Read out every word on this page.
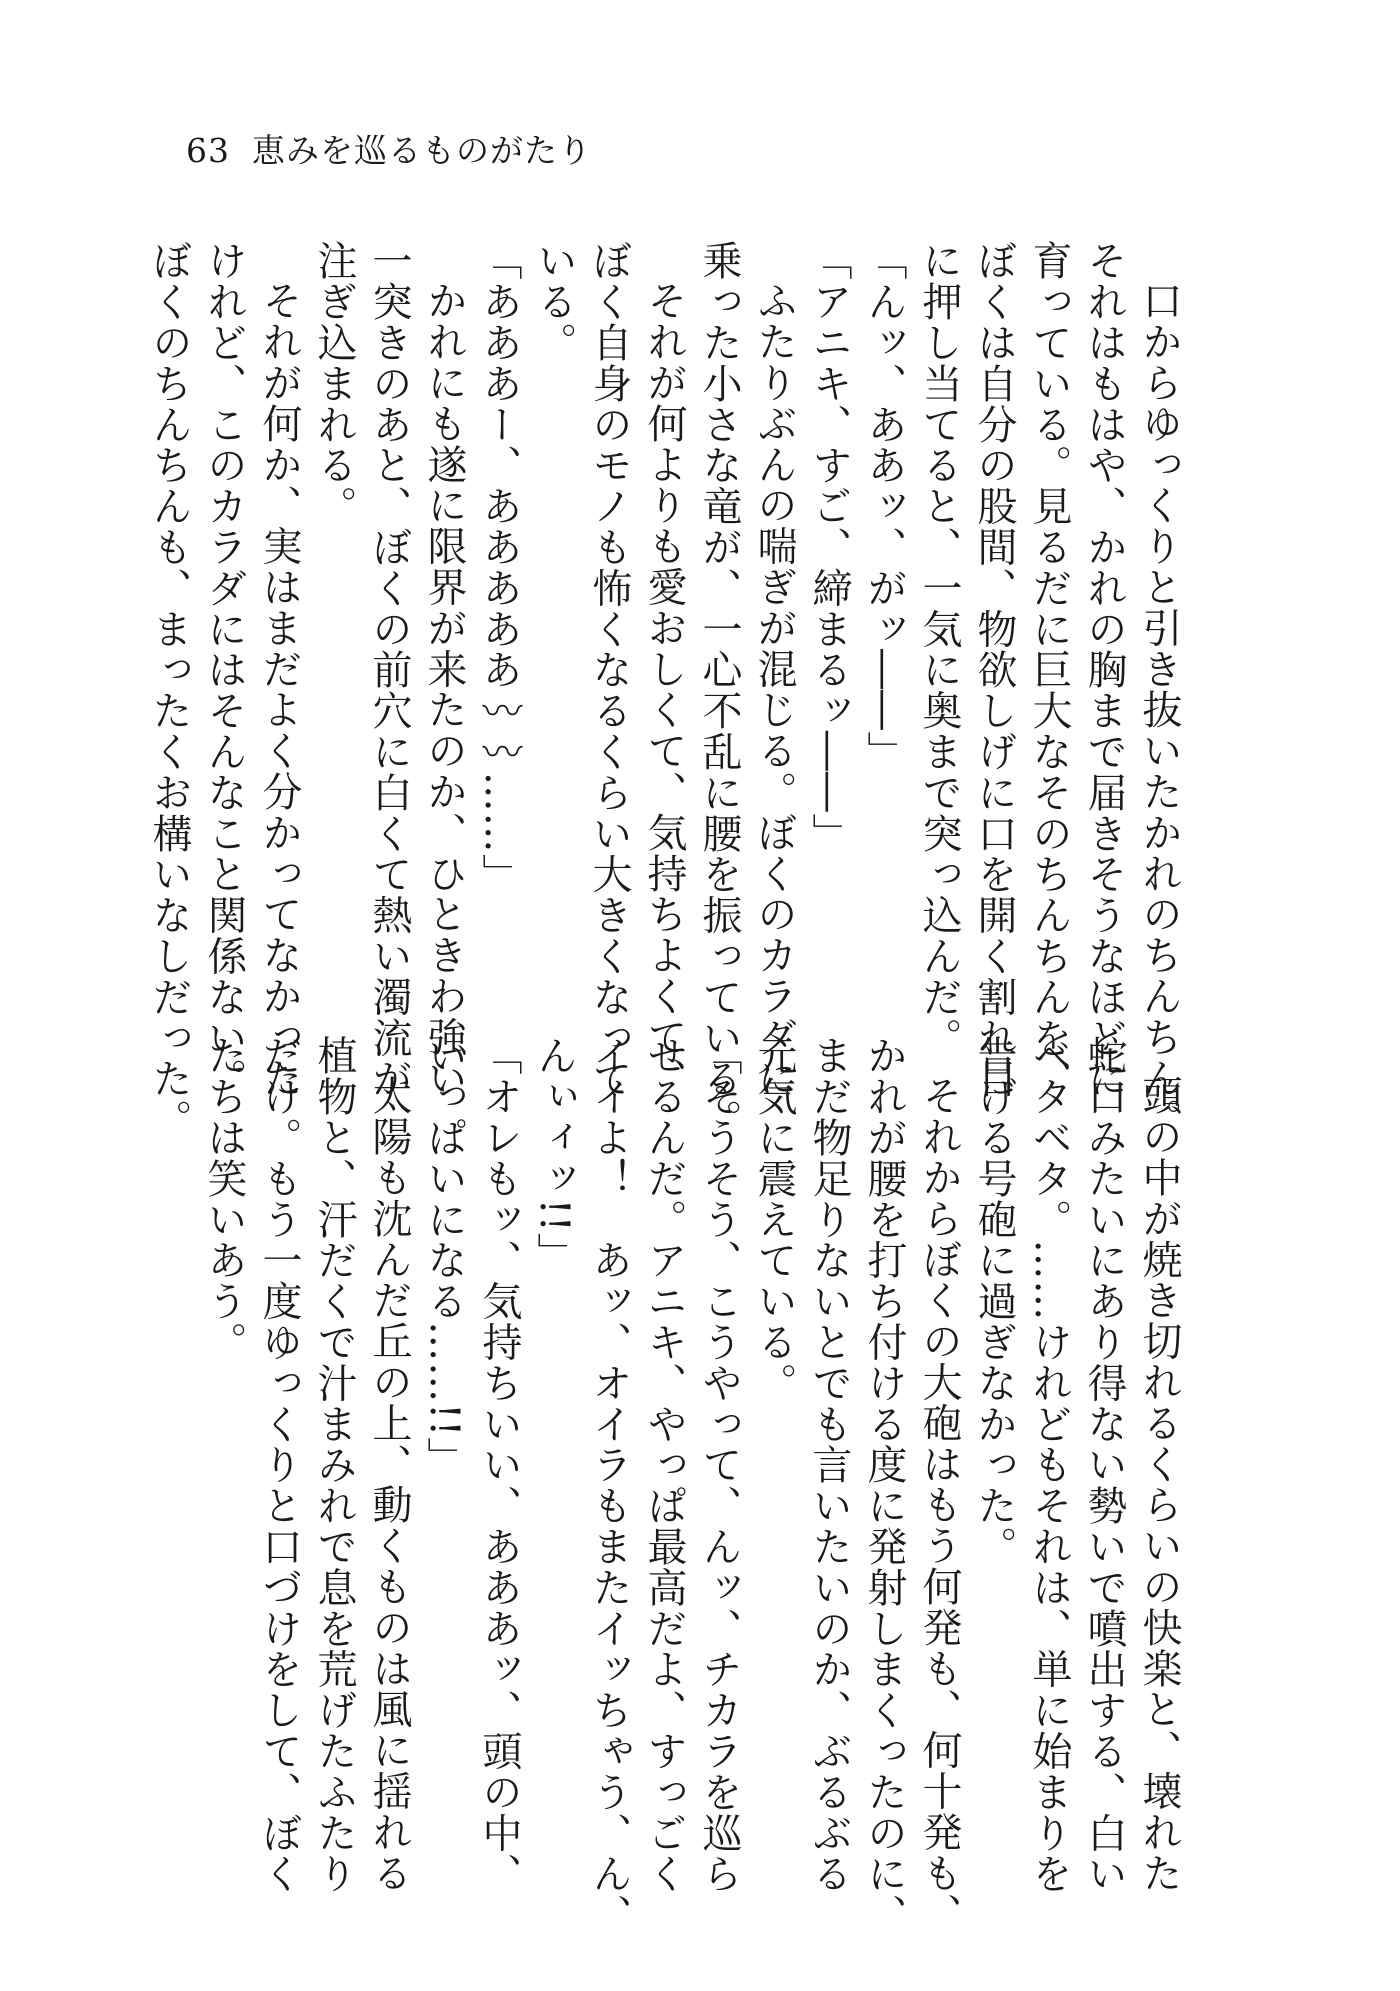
63 恵みを巡るものがたり
口からゆっくりと引き抜いたかれのちんちん。
それはもはや、かれの胸まで届きそうなほどに
育っている。見るだに巨大なそのちんちんを、
ぼくは自分の股間、物欲しげに口を開く割れ目
に押し当てると、一気に奥まで突っ込んだ。
「んッ、ああッ、がッ――」
「アニキ、すご、締まるッ――」
ふたりぶんの喘ぎが混じる。ぼくのカラダに
乗った小さな竜が、一心不乱に腰を振っている。
それが何よりも愛おしくて、気持ちよくて、
ぼく自身のモノも怖くなるくらい大きくなって
いる。
「あああー、あああああ〰〰……」
かれにも遂に限界が来たのか、ひときわ強い
一突きのあと、ぼくの前穴に白くて熱い濁流が
注ぎ込まれる。
それが何か、実はまだよく分かってなかった
けれど、このカラダにはそんなこと関係ない。
ぼくのちんちんも、まったくお構いなしだった。
頭の中が焼き切れるくらいの快楽と、壊れた
蛇口みたいにあり得ない勢いで噴出する、白い
ベタベタ。……けれどもそれは、単に始まりを
告げる号砲に過ぎなかった。
それからぼくの大砲はもう何発も、何十発も、
かれが腰を打ち付ける度に発射しまくったのに、
まだ物足りないとでも言いたいのか、ぶるぶる
元気に震えている。
「そうそう、こうやって、んッ、チカラを巡ら
せるんだ。アニキ、やっぱ最高だよ、すっごく
イイよ！　あッ、オイラもまたイッちゃう、ん、
んぃィッ!!」
「オレもッ、気持ちいい、あああッ、頭の中、
いっぱいになる……!!」
太陽も沈んだ丘の上、動くものは風に揺れる
植物と、汗だくで汁まみれで息を荒げたふたり
だけ。もう一度ゆっくりと口づけをして、ぼく
たちは笑いあう。
